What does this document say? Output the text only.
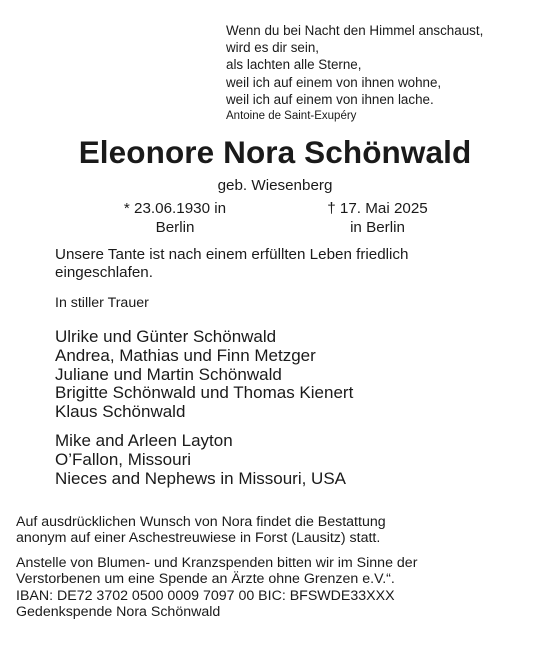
Wenn du bei Nacht den Himmel anschaust,
wird es dir sein,
als lachten alle Sterne,
weil ich auf einem von ihnen wohne,
weil ich auf einem von ihnen lache.
Antoine de Saint-Exupéry
Eleonore Nora Schönwald
geb. Wiesenberg
* 23.06.1930 in
Berlin
† 17. Mai 2025
in Berlin
Unsere Tante ist nach einem erfüllten Leben friedlich
eingeschlafen.
In stiller Trauer
Ulrike und Günter Schönwald
Andrea, Mathias und Finn Metzger
Juliane und Martin Schönwald
Brigitte Schönwald und Thomas Kienert
Klaus Schönwald
Mike and Arleen Layton
O’Fallon, Missouri
Nieces and Nephews in Missouri, USA
Auf ausdrücklichen Wunsch von Nora findet die Bestattung
anonym auf einer Aschestreuwiese in Forst (Lausitz) statt.
Anstelle von Blumen- und Kranzspenden bitten wir im Sinne der
Verstorbenen um eine Spende an Ärzte ohne Grenzen e.V.“.
IBAN: DE72 3702 0500 0009 7097 00 BIC: BFSWDE33XXX
Gedenkspende Nora Schönwald
